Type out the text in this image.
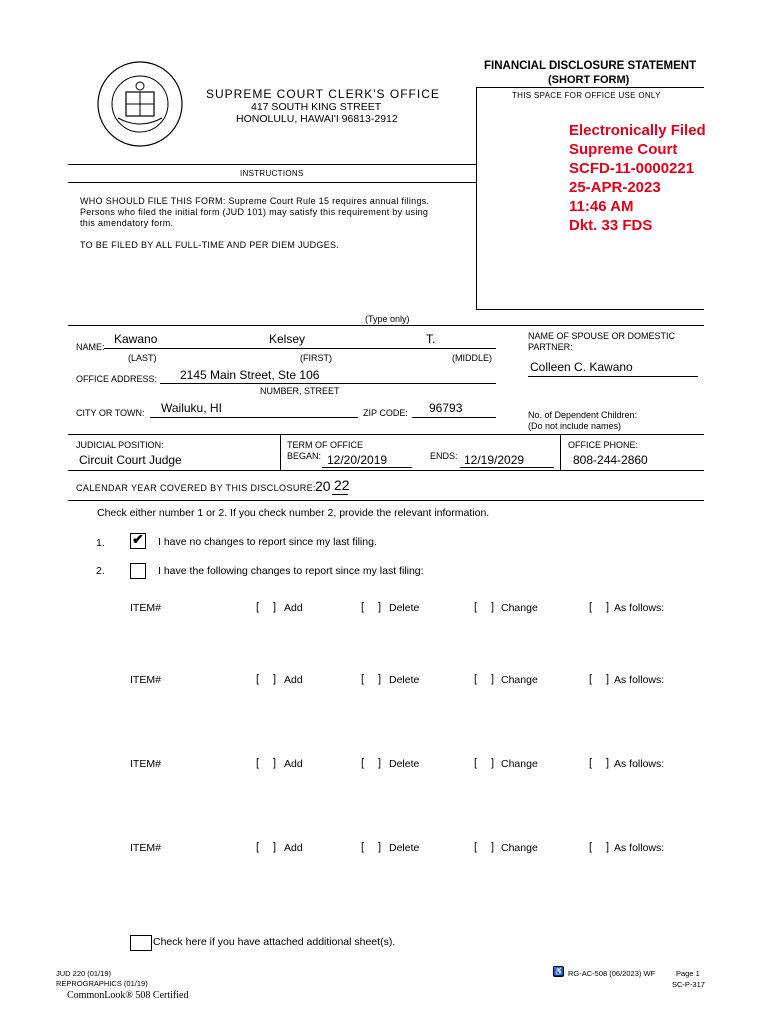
SUPREME COURT CLERK'S OFFICE
417 SOUTH KING STREET
HONOLULU, HAWAI'I 96813-2912
FINANCIAL DISCLOSURE STATEMENT
(SHORT FORM)
THIS SPACE FOR OFFICE USE ONLY
Electronically Filed
Supreme Court
SCFD-11-0000221
25-APR-2023
11:46 AM
Dkt. 33 FDS
INSTRUCTIONS
WHO SHOULD FILE THIS FORM: Supreme Court Rule 15 requires annual filings. Persons who filed the initial form (JUD 101) may satisfy this requirement by using this amendatory form.
TO BE FILED BY ALL FULL-TIME AND PER DIEM JUDGES.
(Type only)
NAME:
Kawano	Kelsey	T.
(LAST)	(FIRST)	(MIDDLE)
NAME OF SPOUSE OR DOMESTIC PARTNER:
Colleen C. Kawano
OFFICE ADDRESS: 2145 Main Street, Ste 106
NUMBER, STREET
CITY OR TOWN: Wailuku, HI	ZIP CODE: 96793	No. of Dependent Children:
(Do not include names)
JUDICIAL POSITION:
Circuit Court Judge
TERM OF OFFICE
BEGAN: 12/20/2019	ENDS: 12/19/2029
OFFICE PHONE:
808-244-2860
CALENDAR YEAR COVERED BY THIS DISCLOSURE: 20 22
Check either number 1 or 2. If you check number 2, provide the relevant information.
1. ✔ I have no changes to report since my last filing.
2.	I have the following changes to report since my last filing:
ITEM#	[ ] Add	[ ] Delete	[ ] Change	[ ] As follows:
ITEM#	[ ] Add	[ ] Delete	[ ] Change	[ ] As follows:
ITEM#	[ ] Add	[ ] Delete	[ ] Change	[ ] As follows:
ITEM#	[ ] Add	[ ] Delete	[ ] Change	[ ] As follows:
Check here if you have attached additional sheet(s).
JUD 220 (01/19)
REPROGRAPHICS (01/19)
CommonLook® 508 Certified
♿ RG-AC-508 (06/2023) WF	Page 1
SC-P-317
